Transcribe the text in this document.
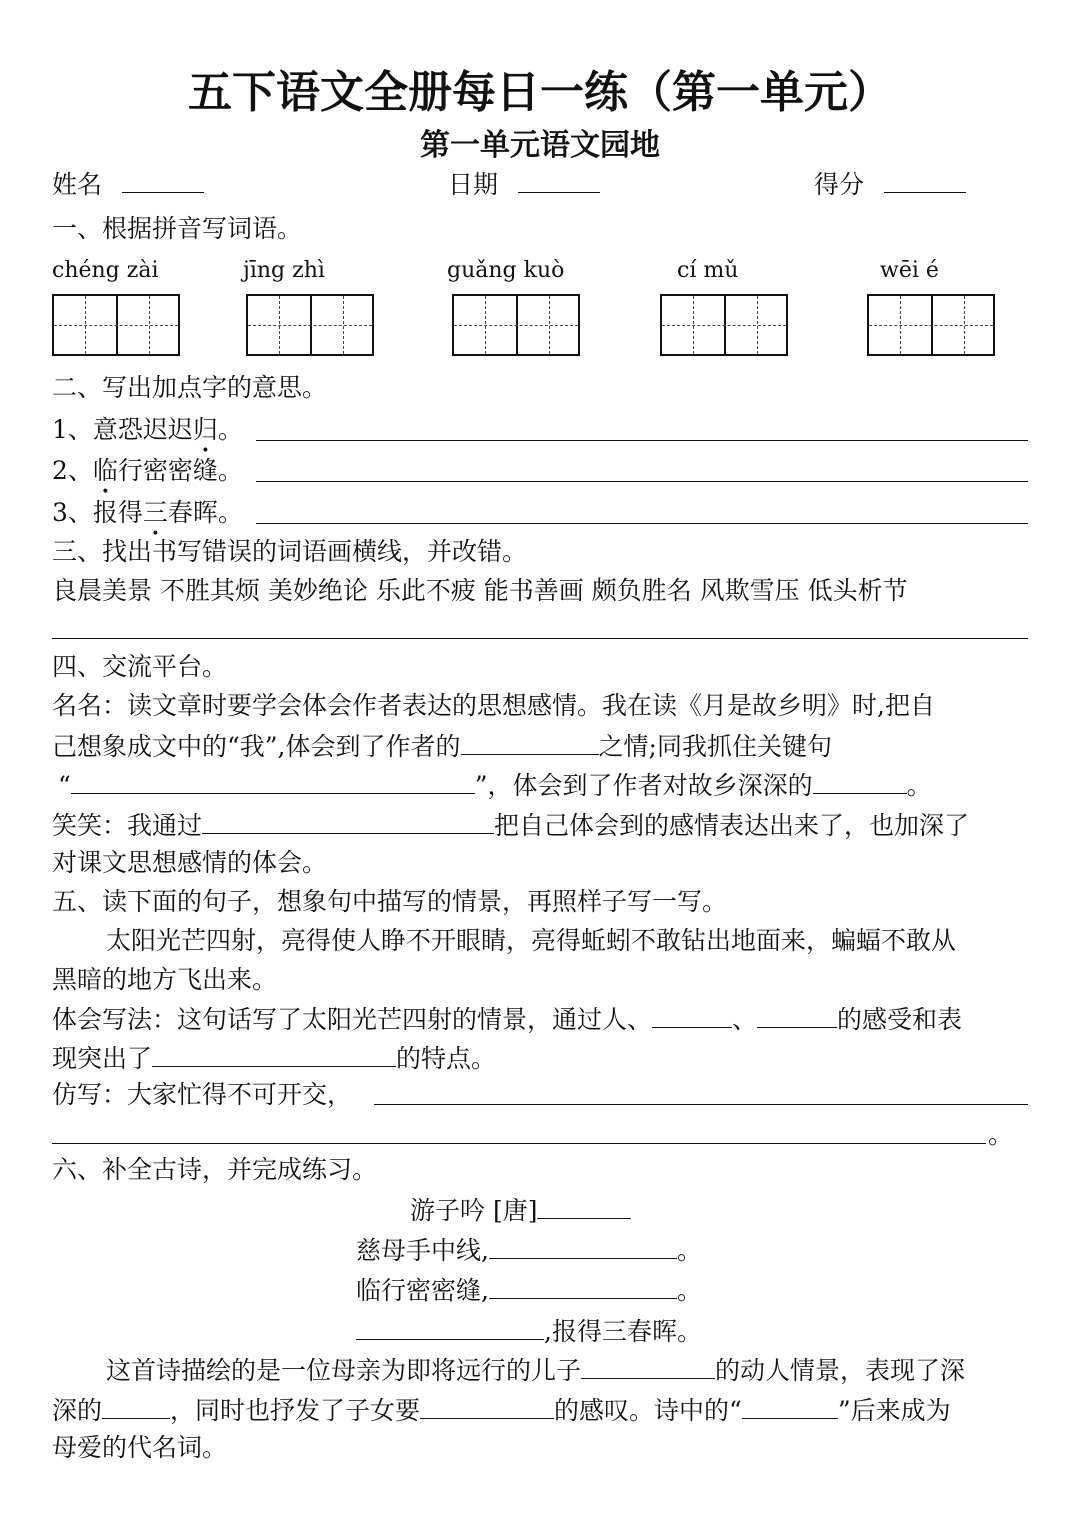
五下语文全册每日一练（第一单元）
第一单元语文园地
姓名	日期	得分
一、根据拼音写词语。
chéng zài	jīng zhì	guǎng kuò	cí mǔ	wēi é
二、写出加点字的意思。
1、意恐迟迟归。
2、临行密密缝。
3、报得三春晖。
三、找出书写错误的词语画横线，并改错。
良晨美景 不胜其烦 美妙绝论 乐此不疲 能书善画 颇负胜名 风欺雪压 低头析节
四、交流平台。
名名：读文章时要学会体会作者表达的思想感情。我在读《月是故乡明》时,把自
己想象成文中的“我”,体会到了作者的	之情;同我抓住关键句
“	”，体会到了作者对故乡深深的	。
笑笑：我通过	把自己体会到的感情表达出来了，也加深了
对课文思想感情的体会。
五、读下面的句子，想象句中描写的情景，再照样子写一写。
太阳光芒四射，亮得使人睁不开眼睛，亮得蚯蚓不敢钻出地面来，蝙蝠不敢从
黑暗的地方飞出来。
体会写法：这句话写了太阳光芒四射的情景，通过人、	、	的感受和表
现突出了	的特点。
仿写：大家忙得不可开交，
。
六、补全古诗，并完成练习。
游子吟 [唐]
慈母手中线,	。
临行密密缝,	。
,报得三春晖。
这首诗描绘的是一位母亲为即将远行的儿子	的动人情景，表现了深
深的	，同时也抒发了子女要	的感叹。诗中的“	”后来成为
母爱的代名词。
